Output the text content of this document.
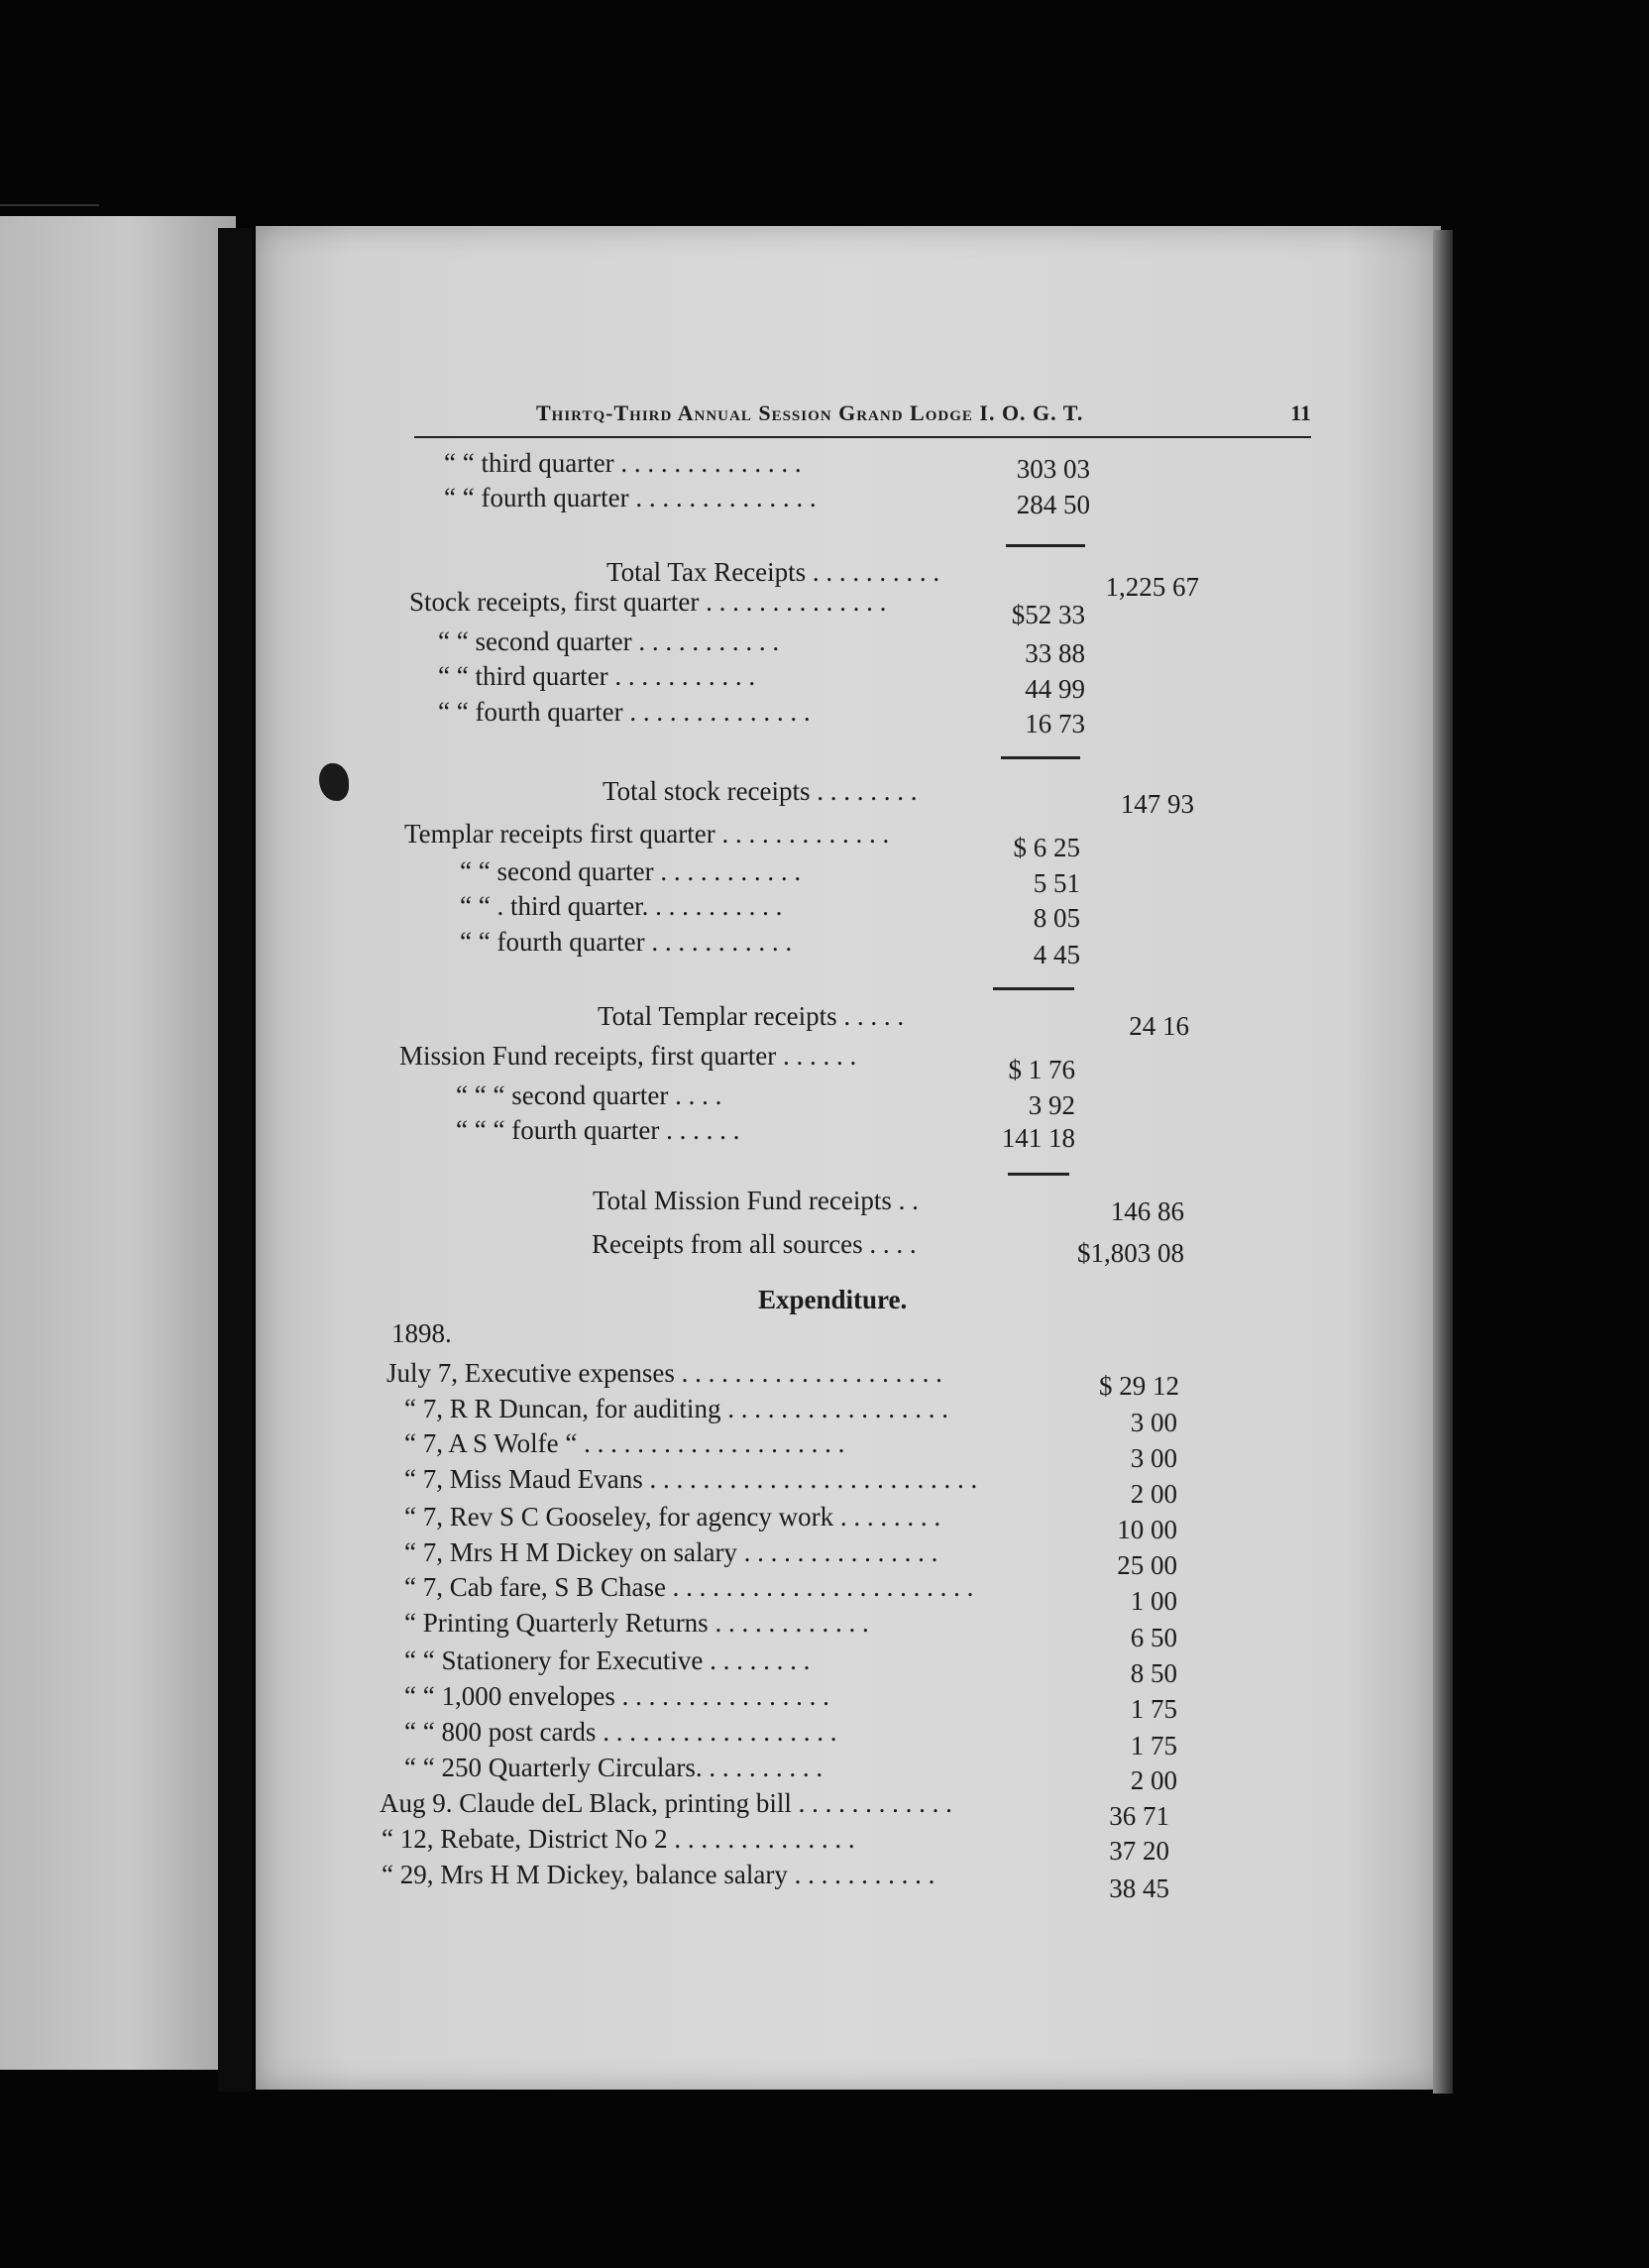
Thirtq-Third Annual Session Grand Lodge I. O. G. T.	11
“ “ third quarter . . . . . . . . . . . . . .	303 03
“ “ fourth quarter . . . . . . . . . . . . . .	284 50
Total Tax Receipts . . . . . . . . . .	1,225 67
Stock receipts, first quarter . . . . . . . . . . . . . .	$52 33
“ “ second quarter . . . . . . . . . . .	33 88
“ “ third quarter . . . . . . . . . . .	44 99
“ “ fourth quarter . . . . . . . . . . . . . .	16 73
Total stock receipts . . . . . . . .	147 93
Templar receipts first quarter . . . . . . . . . . . . .	$ 6 25
“ “ second quarter . . . . . . . . . . .	5 51
“ “ . third quarter. . . . . . . . . . .	8 05
“ “ fourth quarter . . . . . . . . . . .	4 45
Total Templar receipts . . . . .	24 16
Mission Fund receipts, first quarter . . . . . .	$ 1 76
“ “ “ second quarter . . . .	3 92
“ “ “ fourth quarter . . . . . .	141 18
Total Mission Fund receipts . .	146 86
Receipts from all sources . . . .	$1,803 08
Expenditure.
1898.
July 7, Executive expenses . . . . . . . . . . . . . . . . . . . .	$ 29 12
“ 7, R R Duncan, for auditing . . . . . . . . . . . . . . . . .	3 00
“ 7, A S Wolfe “ . . . . . . . . . . . . . . . . . . . .	3 00
“ 7, Miss Maud Evans . . . . . . . . . . . . . . . . . . . . . . . . .	2 00
“ 7, Rev S C Gooseley, for agency work . . . . . . . .	10 00
“ 7, Mrs H M Dickey on salary . . . . . . . . . . . . . . .	25 00
“ 7, Cab fare, S B Chase . . . . . . . . . . . . . . . . . . . . . . .	1 00
“ Printing Quarterly Returns . . . . . . . . . . . .	6 50
“ “ Stationery for Executive . . . . . . . .	8 50
“ “ 1,000 envelopes . . . . . . . . . . . . . . . .	1 75
“ “ 800 post cards . . . . . . . . . . . . . . . . . .	1 75
“ “ 250 Quarterly Circulars. . . . . . . . . .	2 00
Aug 9. Claude deL Black, printing bill . . . . . . . . . . . .	36 71
“ 12, Rebate, District No 2 . . . . . . . . . . . . . .	37 20
“ 29, Mrs H M Dickey, balance salary . . . . . . . . . . .	38 45
